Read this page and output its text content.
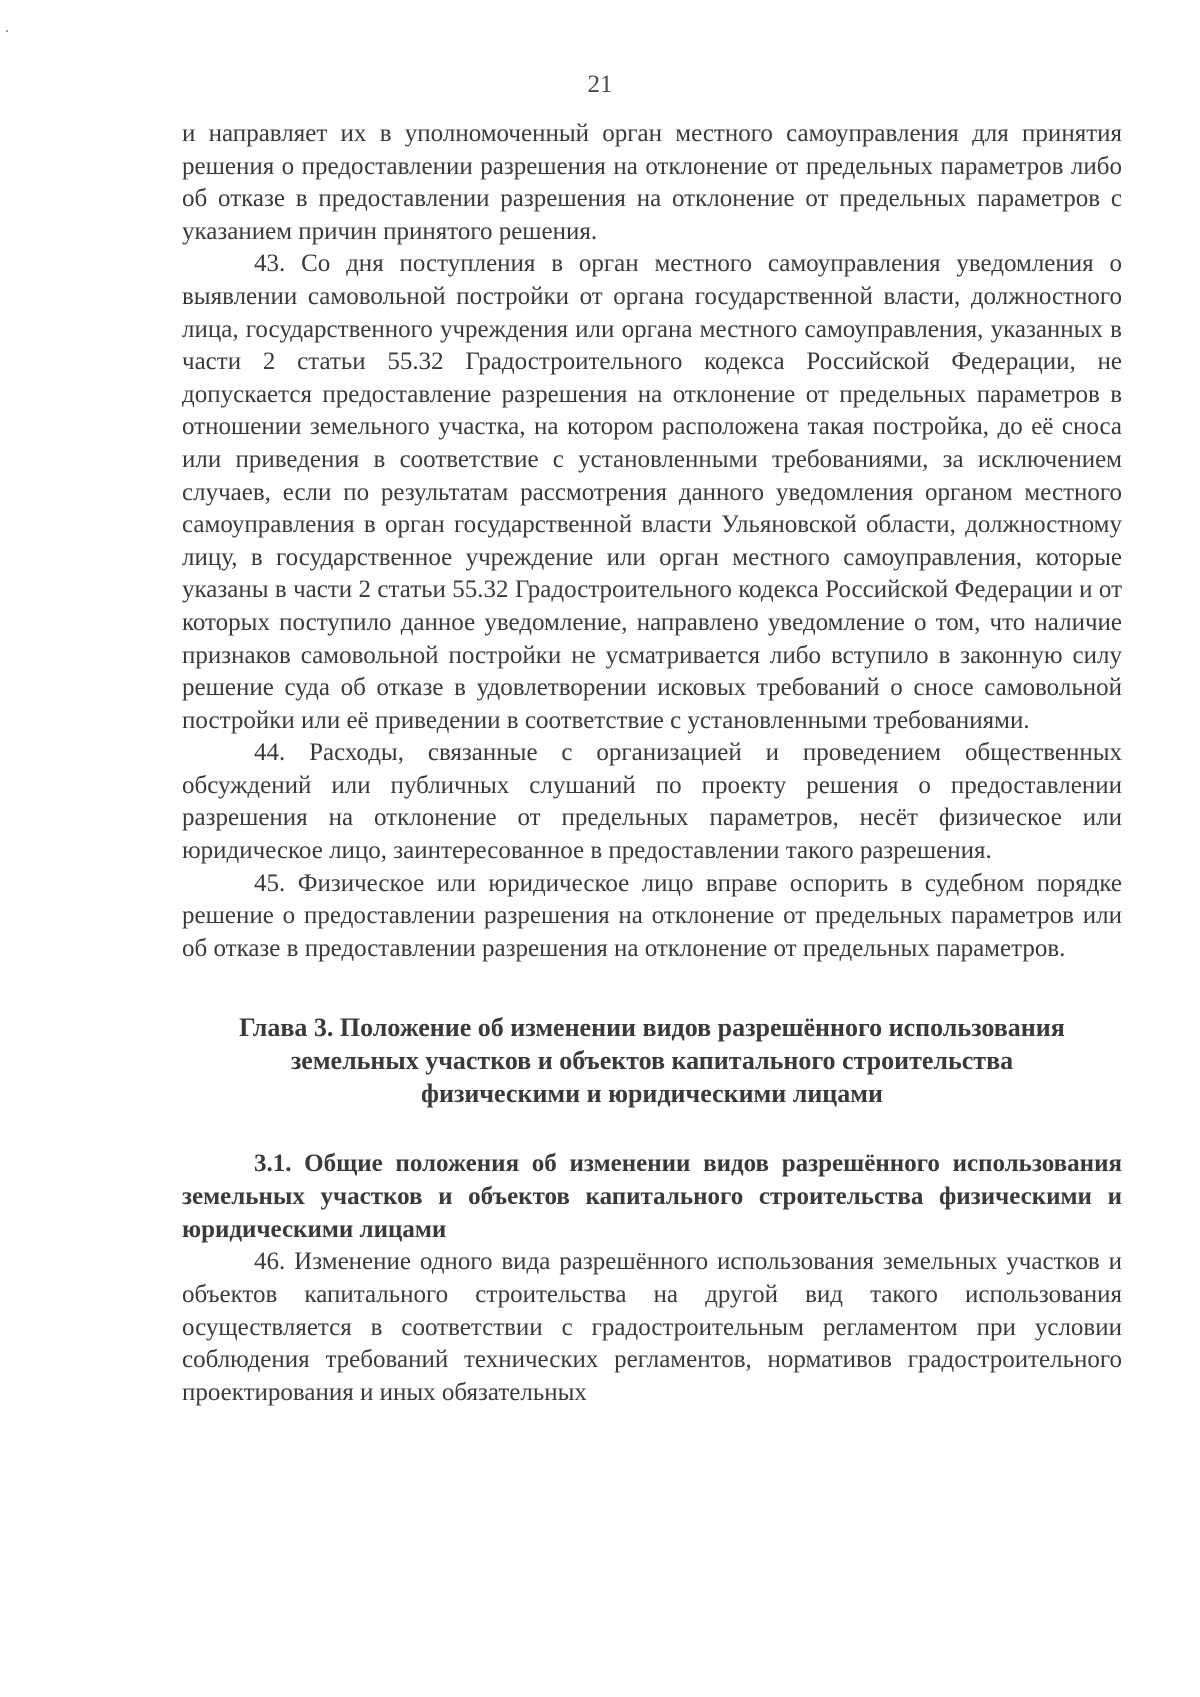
21

и направляет их в уполномоченный орган местного самоуправления для принятия решения о предоставлении разрешения на отклонение от предельных параметров либо об отказе в предоставлении разрешения на отклонение от предельных параметров с указанием причин принятого решения.

43. Со дня поступления в орган местного самоуправления уведомления о выявлении самовольной постройки от органа государственной власти, должностного лица, государственного учреждения или органа местного самоуправления, указанных в части 2 статьи 55.32 Градостроительного кодекса Российской Федерации, не допускается предоставление разрешения на отклонение от предельных параметров в отношении земельного участка, на котором расположена такая постройка, до её сноса или приведения в соответствие с установленными требованиями, за исключением случаев, если по результатам рассмотрения данного уведомления органом местного самоуправления в орган государственной власти Ульяновской области, должностному лицу, в государственное учреждение или орган местного самоуправления, которые указаны в части 2 статьи 55.32 Градостроительного кодекса Российской Федерации и от которых поступило данное уведомление, направлено уведомление о том, что наличие признаков самовольной постройки не усматривается либо вступило в законную силу решение суда об отказе в удовлетворении исковых требований о сносе самовольной постройки или её приведении в соответствие с установленными требованиями.

44. Расходы, связанные с организацией и проведением общественных обсуждений или публичных слушаний по проекту решения о предоставлении разрешения на отклонение от предельных параметров, несёт физическое или юридическое лицо, заинтересованное в предоставлении такого разрешения.

45. Физическое или юридическое лицо вправе оспорить в судебном порядке решение о предоставлении разрешения на отклонение от предельных параметров или об отказе в предоставлении разрешения на отклонение от предельных параметров.

Глава 3. Положение об изменении видов разрешённого использования
земельных участков и объектов капитального строительства
физическими и юридическими лицами

3.1. Общие положения об изменении видов разрешённого использования земельных участков и объектов капитального строительства физическими и юридическими лицами

46. Изменение одного вида разрешённого использования земельных участков и объектов капитального строительства на другой вид такого использования осуществляется в соответствии с градостроительным регламентом при условии соблюдения требований технических регламентов, нормативов градостроительного проектирования и иных обязательных
